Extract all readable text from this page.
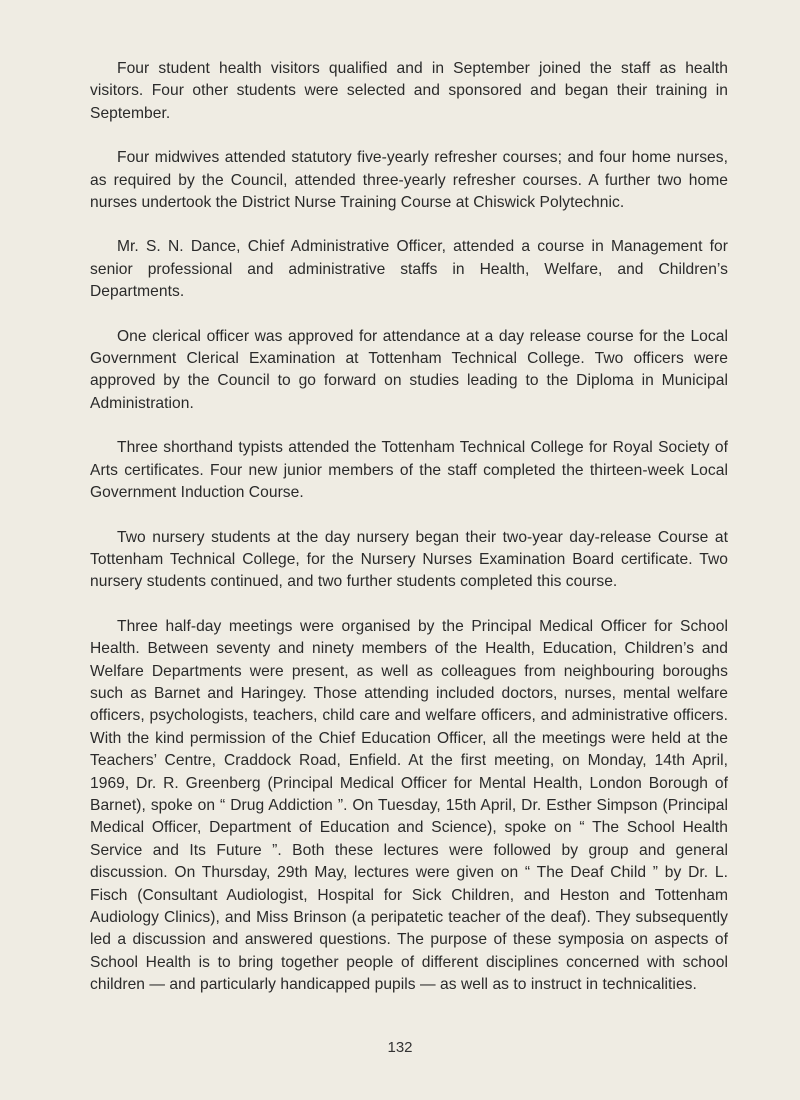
Four student health visitors qualified and in September joined the staff as health visitors. Four other students were selected and sponsored and began their training in September.

Four midwives attended statutory five-yearly refresher courses; and four home nurses, as required by the Council, attended three-yearly refresher courses. A further two home nurses undertook the District Nurse Training Course at Chiswick Polytechnic.

Mr. S. N. Dance, Chief Administrative Officer, attended a course in Management for senior professional and administrative staffs in Health, Welfare, and Children’s Departments.

One clerical officer was approved for attendance at a day release course for the Local Government Clerical Examination at Tottenham Technical College. Two officers were approved by the Council to go forward on studies leading to the Diploma in Municipal Administration.

Three shorthand typists attended the Tottenham Technical College for Royal Society of Arts certificates. Four new junior members of the staff completed the thirteen-week Local Government Induction Course.

Two nursery students at the day nursery began their two-year day-release Course at Tottenham Technical College, for the Nursery Nurses Examination Board certificate. Two nursery students continued, and two further students completed this course.

Three half-day meetings were organised by the Principal Medical Officer for School Health. Between seventy and ninety members of the Health, Education, Children’s and Welfare Departments were present, as well as colleagues from neighbouring boroughs such as Barnet and Haringey. Those attending included doctors, nurses, mental welfare officers, psychologists, teachers, child care and welfare officers, and administrative officers. With the kind permission of the Chief Education Officer, all the meetings were held at the Teachers’ Centre, Craddock Road, Enfield. At the first meeting, on Monday, 14th April, 1969, Dr. R. Greenberg (Principal Medical Officer for Mental Health, London Borough of Barnet), spoke on “ Drug Addiction ”. On Tuesday, 15th April, Dr. Esther Simpson (Principal Medical Officer, Department of Education and Science), spoke on “ The School Health Service and Its Future ”. Both these lectures were followed by group and general discussion. On Thursday, 29th May, lectures were given on “ The Deaf Child ” by Dr. L. Fisch (Consultant Audiologist, Hospital for Sick Children, and Heston and Tottenham Audiology Clinics), and Miss Brinson (a peripatetic teacher of the deaf). They subsequently led a discussion and answered questions. The purpose of these symposia on aspects of School Health is to bring together people of different disciplines concerned with school children — and particularly handicapped pupils — as well as to instruct in technicalities.

132
